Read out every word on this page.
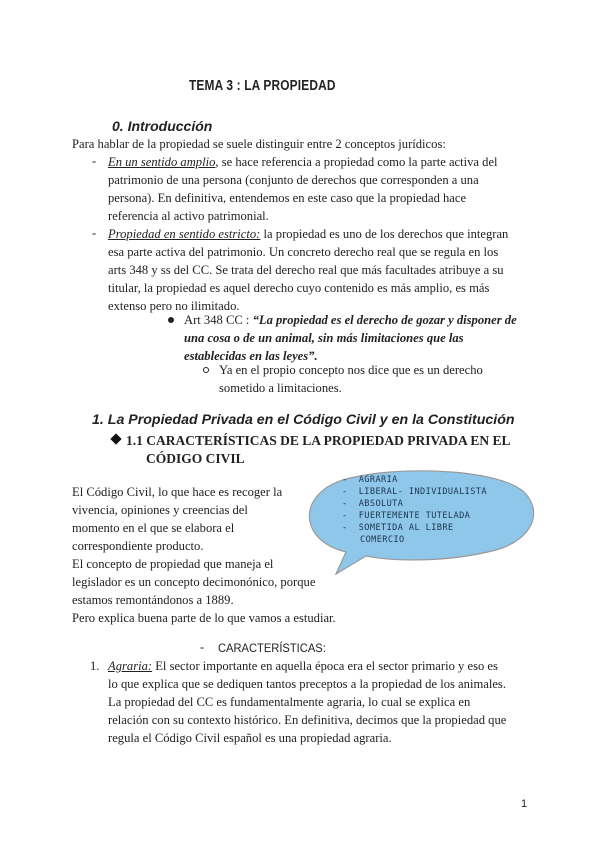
TEMA 3 : LA PROPIEDAD
0. Introducción
Para hablar de la propiedad se suele distinguir entre 2 conceptos jurídicos:
- En un sentido amplio, se hace referencia a propiedad como la parte activa del
patrimonio de una persona (conjunto de derechos que corresponden a una
persona). En definitiva, entendemos en este caso que la propiedad hace
referencia al activo patrimonial.
- Propiedad en sentido estricto: la propiedad es uno de los derechos que integran
esa parte activa del patrimonio. Un concreto derecho real que se regula en los
arts 348 y ss del CC. Se trata del derecho real que más facultades atribuye a su
titular, la propiedad es aquel derecho cuyo contenido es más amplio, es más
extenso pero no ilimitado.
Art 348 CC : “La propiedad es el derecho de gozar y disponer de
una cosa o de un animal, sin más limitaciones que las
establecidas en las leyes”.
Ya en el propio concepto nos dice que es un derecho
sometido a limitaciones.
1. La Propiedad Privada en el Código Civil y en la Constitución
1.1 CARACTERÍSTICAS DE LA PROPIEDAD PRIVADA EN EL
CÓDIGO CIVIL
-  AGRARIA
-  LIBERAL- INDIVIDUALISTA
-  ABSOLUTA
-  FUERTEMENTE TUTELADA
-  SOMETIDA AL LIBRE
COMERCIO
El Código Civil, lo que hace es recoger la
vivencia, opiniones y creencias del
momento en el que se elabora el
correspondiente producto.
El concepto de propiedad que maneja el
legislador es un concepto decimonónico, porque
estamos remontándonos a 1889.
Pero explica buena parte de lo que vamos a estudiar.
- CARACTERÍSTICAS:
1. Agraria: El sector importante en aquella época era el sector primario y eso es
lo que explica que se dediquen tantos preceptos a la propiedad de los animales.
La propiedad del CC es fundamentalmente agraria, lo cual se explica en
relación con su contexto histórico. En definitiva, decimos que la propiedad que
regula el Código Civil español es una propiedad agraria.
1
